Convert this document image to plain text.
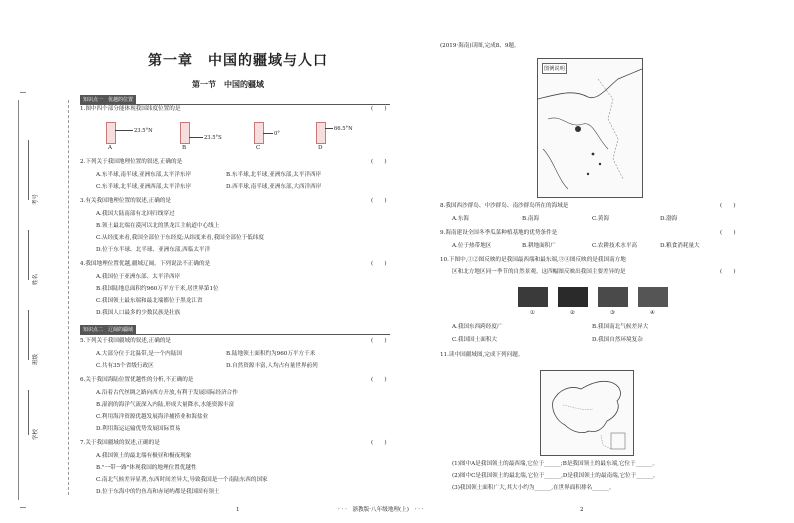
考号
姓名
班级
学校
第一章　中国的疆域与人口
第一节　中国的疆域
知识点一　优越的位置
1.图中四个部分能体现我国纬度位置的是	(　　)
23.5°N
23.5°S
0°
66.5°N
A	B	C	D
2.下列关于我国地理位置的叙述,正确的是	(　　)
A.东半球,南半球,亚洲东部,太平洋东岸	B.东半球,北半球,亚洲东部,太平洋西岸
C.东半球,北半球,亚洲西部,太平洋东岸	D.西半球,南半球,亚洲东部,大西洋西岸
3.有关我国地理位置的叙述,正确的是	(　　)
A.我国大陆南部有北回归线穿过
B.领土最北端在漠河以北的黑龙江主航道中心线上
C.从经度来看,我国全部位于东经度;从纬度来看,我国全部位于低纬度
D.位于东半球、北半球、亚洲东部,西临太平洋
4.我国地理位置优越,疆域辽阔。下列说法不正确的是	(　　)
A.我国位于亚洲东部、太平洋西岸
B.我国陆地总面积约960万平方千米,居世界第1位
C.我国领土最东端和最北端都位于黑龙江省
D.我国人口最多的少数民族是壮族
知识点二　辽阔的疆域
5.下列关于我国疆域的叙述,正确的是	(　　)
A.大部分位于北温带,是一个内陆国	B.陆地领土面积约为960万平方千米
C.共有35个省级行政区	D.自然资源丰富,人均占有量世界前列
6.关于我国海陆位置优越性的分析,不正确的是	(　　)
A.沿着古代丝绸之路向西方开放,有利于发展国际经济合作
B.湿润的海洋气流深入内陆,形成大量降水,水能资源丰富
C.利用海洋资源优越发展海洋捕捞业和海盐业
D.利用海运运输优势发展国际贸易
7.关于我国疆域的叙述,正确的是	(　　)
A.我国领土的最北端有极昼和极夜现象
B."一带一路"体现我国的地理位置优越性
C.南北气候差异显著,东西时间差异大,导致我国是一个南陆东西的国家
D.位于东海中的钓鱼岛和赤尾屿都是我国固有领土
1
(2019·海南)读图,完成8、9题。
图例说明
8.我国西沙群岛、中沙群岛、南沙群岛所在的海域是	(　　)
A.东海	B.南海	C.黄海	D.渤海
9.海南建设全国冬季瓜菜种植基地的优势条件是	(　　)
A.位于热带地区	B.耕地面积广	C.农耕技术水平高	D.粮食消耗量大
10.下图中,①②图反映的是我国最西端和最东端,③④图反映的是我国南方地
区和北方地区同一季节的自然景观。这四幅图反映出我国主要差异的是	(　　)
①	②	③	④
A.我国东西跨经度广	B.我国南北气候差异大
C.我国国土面积大	D.我国自然环境复杂
11.读中国疆域图,完成下列问题。
(1)图中A是我国领土的最西端,它位于______;B是我国领土的最东端,它位于______。
(2)图中C是我国领土的最北端,它位于______,D是我国领土的最南端,它位于______。
(3)我国领土面积广大,其大小约为______,在世界面积排名______。
2
· · ·　浙教版·八年级地理(上)　· · ·
